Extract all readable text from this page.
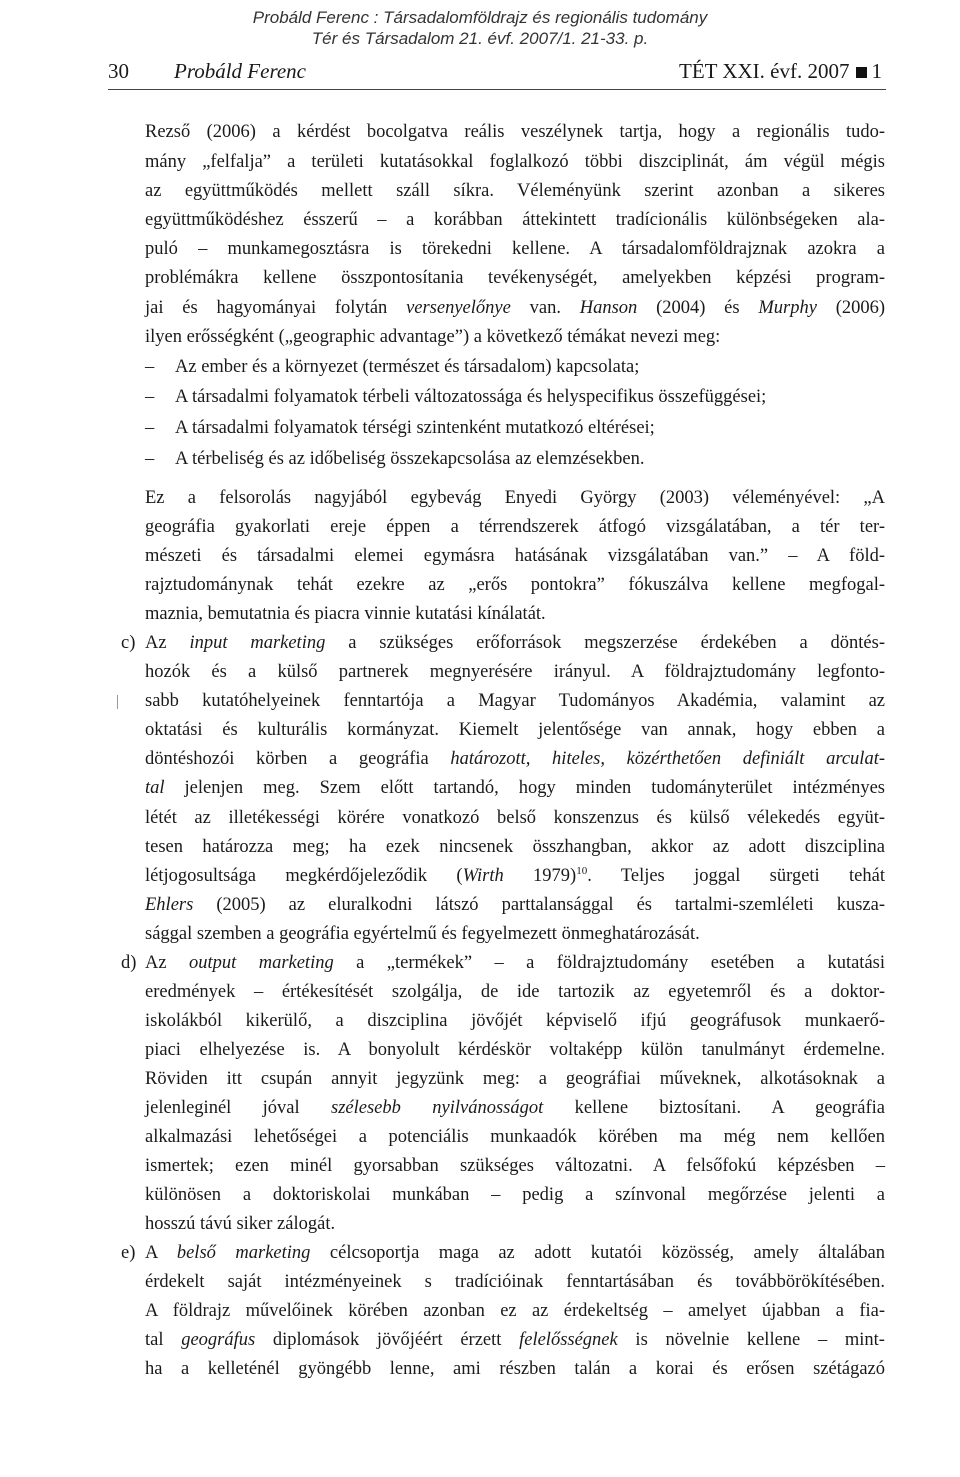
Probáld Ferenc : Társadalomföldrajz és regionális tudomány
Tér és Társadalom 21. évf. 2007/1. 21-33. p.
30 Probáld Ferenc	TÉT XXI. évf. 2007 1
Rezső (2006) a kérdést bocolgatva reális veszélynek tartja, hogy a regionális tudo-
mány „felfalja” a területi kutatásokkal foglalkozó többi diszciplinát, ám végül mégis
az együttműködés mellett száll síkra. Véleményünk szerint azonban a sikeres
együttműködéshez ésszerű – a korábban áttekintett tradícionális különbségeken ala-
puló – munkamegosztásra is törekedni kellene. A társadalomföldrajznak azokra a
problémákra kellene összpontosítania tevékenységét, amelyekben képzési program-
jai és hagyományai folytán versenyelőnye van. Hanson (2004) és Murphy (2006)
ilyen erősségként („geographic advantage”) a következő témákat nevezi meg:
– Az ember és a környezet (természet és társadalom) kapcsolata;
– A társadalmi folyamatok térbeli változatossága és helyspecifikus összefüggései;
– A társadalmi folyamatok térségi szintenként mutatkozó eltérései;
– A térbeliség és az időbeliség összekapcsolása az elemzésekben.
Ez a felsorolás nagyjából egybevág Enyedi György (2003) véleményével: „A
geográfia gyakorlati ereje éppen a térrendszerek átfogó vizsgálatában, a tér ter-
mészeti és társadalmi elemei egymásra hatásának vizsgálatában van.” – A föld-
rajztudománynak tehát ezekre az „erős pontokra” fókuszálva kellene megfogal-
maznia, bemutatnia és piacra vinnie kutatási kínálatát.
c) Az input marketing a szükséges erőforrások megszerzése érdekében a döntés-
hozók és a külső partnerek megnyerésére irányul. A földrajztudomány legfonto-
sabb kutatóhelyeinek fenntartója a Magyar Tudományos Akadémia, valamint az
oktatási és kulturális kormányzat. Kiemelt jelentősége van annak, hogy ebben a
döntéshozói körben a geográfia határozott, hiteles, közérthetően definiált arculat-
tal jelenjen meg. Szem előtt tartandó, hogy minden tudományterület intézményes
létét az illetékességi körére vonatkozó belső konszenzus és külső vélekedés együt-
tesen határozza meg; ha ezek nincsenek összhangban, akkor az adott diszciplina
létjogosultsága megkérdőjeleződik (Wirth 1979)$^{10}$. Teljes joggal sürgeti tehát
Ehlers (2005) az eluralkodni látszó parttalansággal és tartalmi-szemléleti kusza-
sággal szemben a geográfia egyértelmű és fegyelmezett önmeghatározását.
d) Az output marketing a „termékek” – a földrajztudomány esetében a kutatási
eredmények – értékesítését szolgálja, de ide tartozik az egyetemről és a doktor-
iskolákból kikerülő, a diszciplina jövőjét képviselő ifjú geográfusok munkaerő-
piaci elhelyezése is. A bonyolult kérdéskör voltaképp külön tanulmányt érdemelne.
Röviden itt csupán annyit jegyzünk meg: a geográfiai műveknek, alkotásoknak a
jelenleginél jóval szélesebb nyilvánosságot kellene biztosítani. A geográfia
alkalmazási lehetőségei a potenciális munkaadók körében ma még nem kellően
ismertek; ezen minél gyorsabban szükséges változatni. A felsőfokú képzésben –
különösen a doktoriskolai munkában – pedig a színvonal megőrzése jelenti a
hosszú távú siker zálogát.
e) A belső marketing célcsoportja maga az adott kutatói közösség, amely általában
érdekelt saját intézményeinek s tradícióinak fenntartásában és továbbörökítésében.
A földrajz művelőinek körében azonban ez az érdekeltség – amelyet újabban a fia-
tal geográfus diplomások jövőjéért érzett felelősségnek is növelnie kellene – mint-
ha a kelleténél gyöngébb lenne, ami részben talán a korai és erősen szétágazó
